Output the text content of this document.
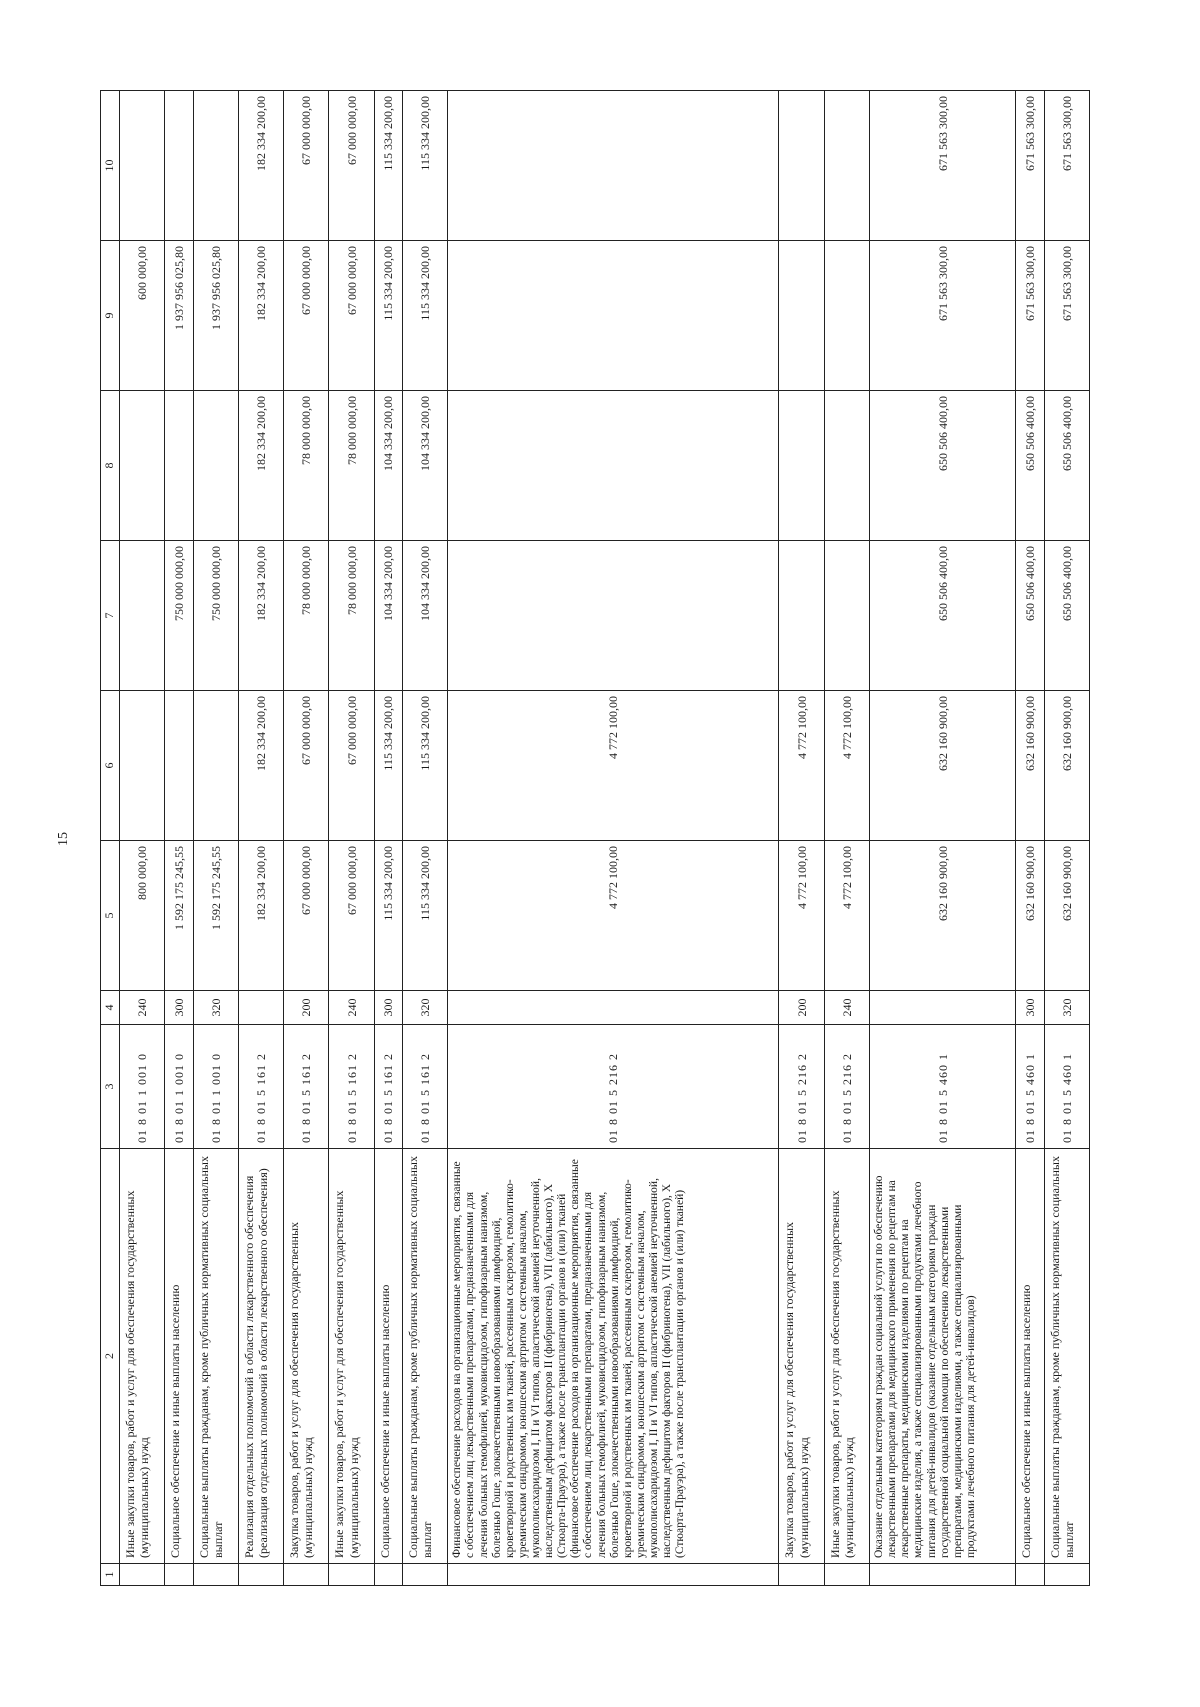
15
1	2	3	4	5	6	7	8	9	10
	Иные закупки товаров, работ и услуг для обеспечения государственных (муниципальных) нужд	01 8 01 1 001 0	240	800 000,00				600 000,00	
	Социальное обеспечение и иные выплаты населению	01 8 01 1 001 0	300	1 592 175 245,55		750 000 000,00		1 937 956 025,80	
	Социальные выплаты гражданам, кроме публичных нормативных социальных выплат	01 8 01 1 001 0	320	1 592 175 245,55		750 000 000,00		1 937 956 025,80	
	Реализация отдельных полномочий в области лекарственного обеспечения (реализация отдельных полномочий в области лекарственного обеспечения)	01 8 01 5 161 2		182 334 200,00	182 334 200,00	182 334 200,00	182 334 200,00	182 334 200,00	182 334 200,00
	Закупка товаров, работ и услуг для обеспечения государственных (муниципальных) нужд	01 8 01 5 161 2	200	67 000 000,00	67 000 000,00	78 000 000,00	78 000 000,00	67 000 000,00	67 000 000,00
	Иные закупки товаров, работ и услуг для обеспечения государственных (муниципальных) нужд	01 8 01 5 161 2	240	67 000 000,00	67 000 000,00	78 000 000,00	78 000 000,00	67 000 000,00	67 000 000,00
	Социальное обеспечение и иные выплаты населению	01 8 01 5 161 2	300	115 334 200,00	115 334 200,00	104 334 200,00	104 334 200,00	115 334 200,00	115 334 200,00
	Социальные выплаты гражданам, кроме публичных нормативных социальных выплат	01 8 01 5 161 2	320	115 334 200,00	115 334 200,00	104 334 200,00	104 334 200,00	115 334 200,00	115 334 200,00
	Финансовое обеспечение расходов на организационные мероприятия, связанные с обеспечением лиц лекарственными препаратами, предназначенными для лечения больных гемофилией, муковисцидозом, гипофизарным нанизмом, болезнью Гоше, злокачественными новообразованиями лимфоидной, кроветворной и родственных им тканей, рассеянным склерозом, гемолитико-уремическим синдромом, юношеским артритом с системным началом, мукополисахаридозом I, II и VI типов, апластической анемией неуточненной, наследственным дефицитом факторов II (фибриногена), VII (лабильного), X (Стюарта-Прауэра), а также после трансплантации органов и (или) тканей (финансовое обеспечение расходов на организационные мероприятия, связанные с обеспечением лиц лекарственными препаратами, предназначенными для лечения больных гемофилией, муковисцидозом, гипофизарным нанизмом, болезнью Гоше, злокачественными новообразованиями лимфоидной, кроветворной и родственных им тканей, рассеянным склерозом, гемолитико-уремическим синдромом, юношеским артритом с системным началом, мукополисахаридозом I, II и VI типов, апластической анемией неуточненной, наследственным дефицитом факторов II (фибриногена), VII (лабильного), X (Стюарта-Прауэра), а также после трансплантации органов и (или) тканей)	01 8 01 5 216 2		4 772 100,00	4 772 100,00				
	Закупка товаров, работ и услуг для обеспечения государственных (муниципальных) нужд	01 8 01 5 216 2	200	4 772 100,00	4 772 100,00				
	Иные закупки товаров, работ и услуг для обеспечения государственных (муниципальных) нужд	01 8 01 5 216 2	240	4 772 100,00	4 772 100,00				
	Оказание отдельным категориям граждан социальной услуги по обеспечению лекарственными препаратами для медицинского применения по рецептам на лекарственные препараты, медицинскими изделиями по рецептам на медицинские изделия, а также специализированными продуктами лечебного питания для детей-инвалидов (оказание отдельным категориям граждан государственной социальной помощи по обеспечению лекарственными препаратами, медицинскими изделиями, а также специализированными продуктами лечебного питания для детей-инвалидов)	01 8 01 5 460 1		632 160 900,00	632 160 900,00	650 506 400,00	650 506 400,00	671 563 300,00	671 563 300,00
	Социальное обеспечение и иные выплаты населению	01 8 01 5 460 1	300	632 160 900,00	632 160 900,00	650 506 400,00	650 506 400,00	671 563 300,00	671 563 300,00
	Социальные выплаты гражданам, кроме публичных нормативных социальных выплат	01 8 01 5 460 1	320	632 160 900,00	632 160 900,00	650 506 400,00	650 506 400,00	671 563 300,00	671 563 300,00
